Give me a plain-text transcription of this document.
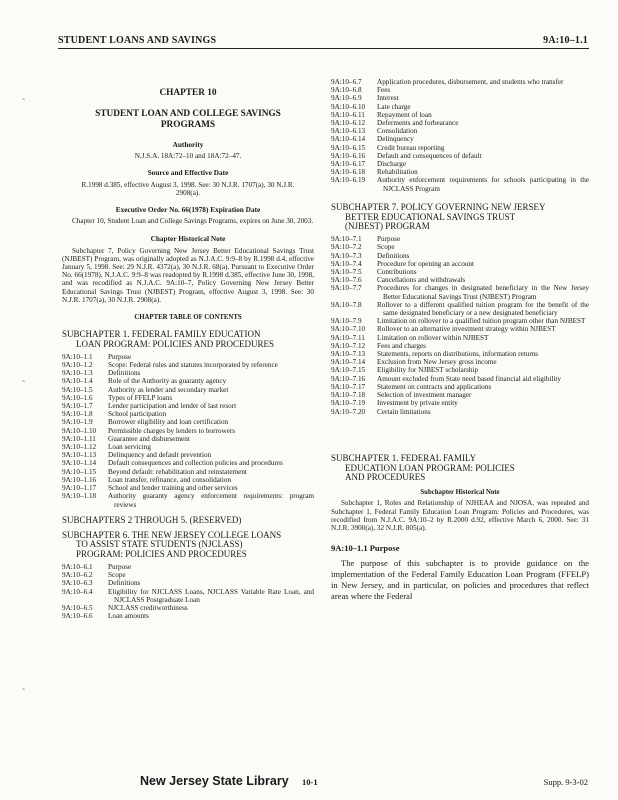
STUDENT LOANS AND SAVINGS	9A:10–1.1
‸
‸
‸
CHAPTER 10
STUDENT LOAN AND COLLEGE SAVINGS PROGRAMS
Authority
N.J.S.A. 18A:72–10 and 18A:72–47.
Source and Effective Date
R.1998 d.385, effective August 3, 1998. See: 30 N.J.R. 1707(a), 30 N.J.R. 2908(a).
Executive Order No. 66(1978) Expiration Date

Chapter 10, Student Loan and College Savings Programs, expires on June 30, 2003.

Chapter Historical Note

Subchapter 7, Policy Governing New Jersey Better Educational Savings Trust (NJBEST) Program, was originally adopted as N.J.A.C. 9:9–8 by R.1998 d.4, effective January 5, 1998. See: 29 N.J.R. 4372(a), 30 N.J.R. 68(a). Pursuant to Executive Order No. 66(1978), N.J.A.C. 9:9–8 was readopted by R.1998 d.385, effective June 30, 1998, and was recodified as N.J.A.C. 9A:10–7, Policy Governing New Jersey Better Educational Savings Trust (NJBEST) Program, effective August 3, 1998. See: 30 N.J.R. 1707(a), 30 N.J.R. 2908(a).

CHAPTER TABLE OF CONTENTS
SUBCHAPTER 1. FEDERAL FAMILY EDUCATION
LOAN PROGRAM: POLICIES AND PROCEDURES
9A:10–1.1	Purpose
9A:10–1.2	Scope: Federal rules and statutes incorporated by reference
9A:10–1.3	Definitions
9A:10–1.4	Role of the Authority as guaranty agency
9A:10–1.5	Authority as lender and secondary market
9A:10–1.6	Types of FFELP loans
9A:10–1.7	Lender participation and lender of last resort
9A:10–1.8	School participation
9A:10–1.9	Borrower eligibility and loan certification
9A:10–1.10	Permissible charges by lenders to borrowers
9A:10–1.11	Guarantee and disbursement
9A:10–1.12	Loan servicing
9A:10–1.13	Delinquency and default prevention
9A:10–1.14	Default consequences and collection policies and procedures
9A:10–1.15	Beyond default: rehabilitation and reinstatement
9A:10–1.16	Loan transfer, refinance, and consolidation
9A:10–1.17	School and lender training and other services
9A:10–1.18	Authority guaranty agency enforcement requirements: program reviews
SUBCHAPTERS 2 THROUGH 5. (RESERVED)
SUBCHAPTER 6. THE NEW JERSEY COLLEGE LOANS
TO ASSIST STATE STUDENTS (NJCLASS)
PROGRAM: POLICIES AND PROCEDURES
9A:10–6.1	Purpose
9A:10–6.2	Scope
9A:10–6.3	Definitions
9A:10–6.4	Eligibility for NJCLASS Loans, NJCLASS Variable Rate Loan, and NJCLASS Postgraduate Loan
9A:10–6.5	NJCLASS creditworthiness
9A:10–6.6	Loan amounts
9A:10–6.7	Application procedures, disbursement, and students who transfer
9A:10–6.8	Fees
9A:10–6.9	Interest
9A:10–6.10	Late charge
9A:10–6.11	Repayment of loan
9A:10–6.12	Deferments and forbearance
9A:10–6.13	Consolidation
9A:10–6.14	Delinquency
9A:10–6.15	Credit bureau reporting
9A:10–6.16	Default and consequences of default
9A:10–6.17	Discharge
9A:10–6.18	Rehabilitation
9A:10–6.19	Authority enforcement requirements for schools participating in the NJCLASS Program
SUBCHAPTER 7. POLICY GOVERNING NEW JERSEY
BETTER EDUCATIONAL SAVINGS TRUST
(NJBEST) PROGRAM
9A:10–7.1	Purpose
9A:10–7.2	Scope
9A:10–7.3	Definitions
9A:10–7.4	Procedure for opening an account
9A:10–7.5	Contributions
9A:10–7.6	Cancellations and withdrawals
9A:10–7.7	Procedures for changes in designated beneficiary in the New Jersey Better Educational Savings Trust (NJBEST) Program
9A:10–7.8	Rollover to a different qualified tuition program for the benefit of the same designated beneficiary or a new designated beneficiary
9A:10–7.9	Limitation on rollover to a qualified tuition program other than NJBEST
9A:10–7.10	Rollover to an alternative investment strategy within NJBEST
9A:10–7.11	Limitation on rollover within NJBEST
9A:10–7.12	Fees and charges
9A:10–7.13	Statements, reports on distributions, information returns
9A:10–7.14	Exclusion from New Jersey gross income
9A:10–7.15	Eligibility for NJBEST scholarship
9A:10–7.16	Amount excluded from State need based financial aid eligibility
9A:10–7.17	Statement on contracts and applications
9A:10–7.18	Selection of investment manager
9A:10–7.19	Investment by private entity
9A:10–7.20	Certain limitations
SUBCHAPTER 1. FEDERAL FAMILY
EDUCATION LOAN PROGRAM: POLICIES
AND PROCEDURES
Subchapter Historical Note

Subchapter 1, Roles and Relationship of NJHEAA and NJOSA, was repealed and Subchapter 1, Federal Family Education Loan Program: Policies and Procedures, was recodified from N.J.A.C. 9A:10–2 by R.2000 d.92, effective March 6, 2000. See: 31 N.J.R. 3900(a), 32 N.J.R. 805(a).

9A:10–1.1 Purpose

The purpose of this subchapter is to provide guidance on the implementation of the Federal Family Education Loan Program (FFELP) in New Jersey, and in particular, on policies and procedures that reflect areas where the Federal

New Jersey State Library 10-1	Supp. 9-3-02
